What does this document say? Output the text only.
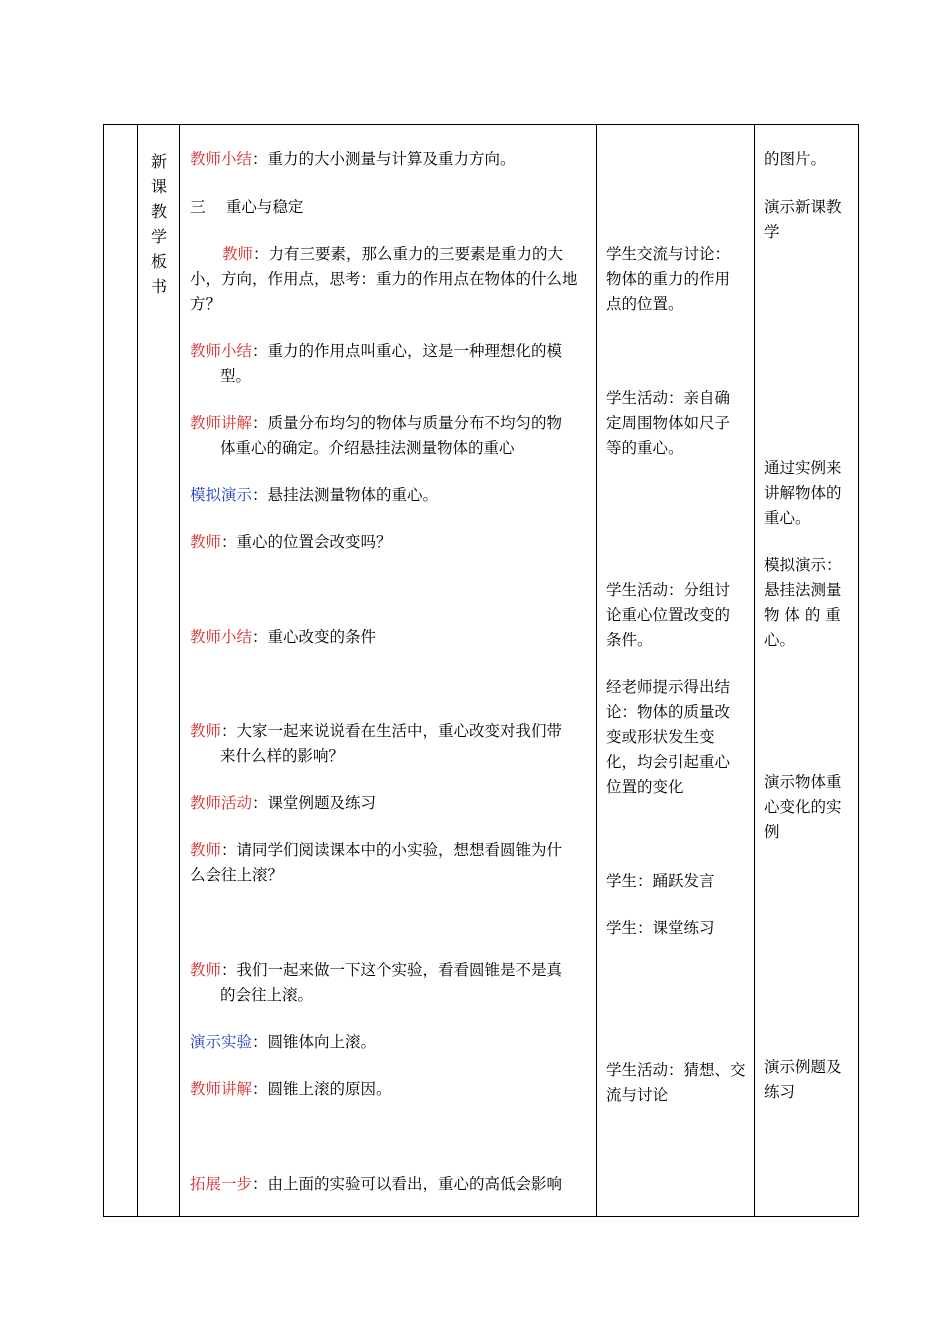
新
课
教
学
板
书
教师小结：重力的大小测量与计算及重力方向。
三　 重心与稳定
教师：力有三要素，那么重力的三要素是重力的大
小，方向，作用点，思考：重力的作用点在物体的什么地
方？
教师小结：重力的作用点叫重心，这是一种理想化的模
型。
教师讲解：质量分布均匀的物体与质量分布不均匀的物
体重心的确定。介绍悬挂法测量物体的重心
模拟演示：悬挂法测量物体的重心。
教师：重心的位置会改变吗？
教师小结：重心改变的条件
教师：大家一起来说说看在生活中，重心改变对我们带
来什么样的影响？
教师活动：课堂例题及练习
教师：请同学们阅读课本中的小实验，想想看圆锥为什
么会往上滚？
教师：我们一起来做一下这个实验，看看圆锥是不是真
的会往上滚。
演示实验：圆锥体向上滚。
教师讲解：圆锥上滚的原因。
拓展一步：由上面的实验可以看出，重心的高低会影响
学生交流与讨论：
物体的重力的作用
点的位置。
学生活动：亲自确
定周围物体如尺子
等的重心。
学生活动：分组讨
论重心位置改变的
条件。
经老师提示得出结
论：物体的质量改
变或形状发生变
化，均会引起重心
位置的变化
学生：踊跃发言
学生：课堂练习
学生活动：猜想、交
流与讨论
的图片。
演示新课教
学
通过实例来
讲解物体的
重心。
模拟演示：
悬挂法测量
物 体 的 重
心。
演示物体重
心变化的实
例
演示例题及
练习
